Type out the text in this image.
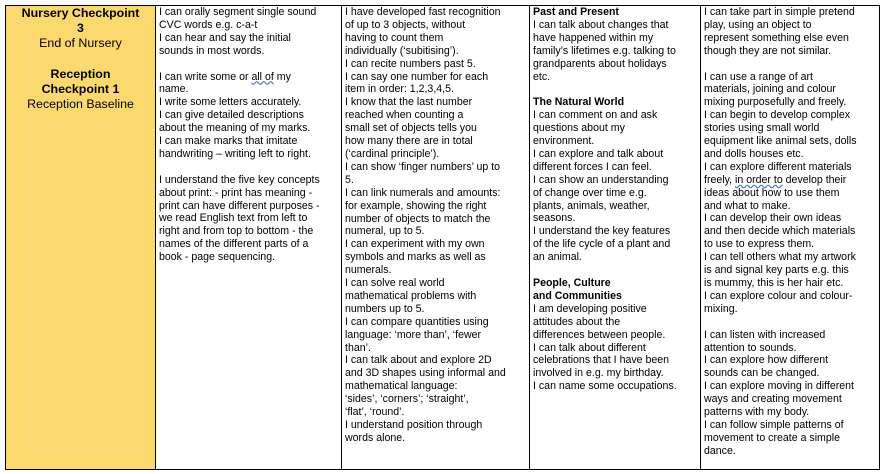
Nursery Checkpoint
3
End of Nursery
Reception
Checkpoint 1
Reception Baseline
I can orally segment single sound
CVC words e.g. c-a-t
I can hear and say the initial
sounds in most words.
I can write some or all of my
name.
I write some letters accurately.
I can give detailed descriptions
about the meaning of my marks.
I can make marks that imitate
handwriting – writing left to right.
I understand the five key concepts
about print: - print has meaning -
print can have different purposes -
we read English text from left to
right and from top to bottom - the
names of the different parts of a
book - page sequencing.
I have developed fast recognition
of up to 3 objects, without
having to count them
individually (‘subitising’).
I can recite numbers past 5.
I can say one number for each
item in order: 1,2,3,4,5.
I know that the last number
reached when counting a
small set of objects tells you
how many there are in total
(‘cardinal principle’).
I can show ‘finger numbers’ up to
5.
I can link numerals and amounts:
for example, showing the right
number of objects to match the
numeral, up to 5.
I can experiment with my own
symbols and marks as well as
numerals.
I can solve real world
mathematical problems with
numbers up to 5.
I can compare quantities using
language: ‘more than’, ‘fewer
than’.
I can talk about and explore 2D
and 3D shapes using informal and
mathematical language:
‘sides’, ‘corners’; ‘straight’,
‘flat’, ‘round’.
I understand position through
words alone.
Past and Present
I can talk about changes that
have happened within my
family’s lifetimes e.g. talking to
grandparents about holidays
etc.
The Natural World
I can comment on and ask
questions about my
environment.
I can explore and talk about
different forces I can feel.
I can show an understanding
of change over time e.g.
plants, animals, weather,
seasons.
I understand the key features
of the life cycle of a plant and
an animal.
People, Culture
and Communities
I am developing positive
attitudes about the
differences between people.
I can talk about different
celebrations that I have been
involved in e.g. my birthday.
I can name some occupations.
I can take part in simple pretend
play, using an object to
represent something else even
though they are not similar.
I can use a range of art
materials, joining and colour
mixing purposefully and freely.
I can begin to develop complex
stories using small world
equipment like animal sets, dolls
and dolls houses etc.
I can explore different materials
freely, in order to develop their
ideas about how to use them
and what to make.
I can develop their own ideas
and then decide which materials
to use to express them.
I can tell others what my artwork
is and signal key parts e.g. this
is mummy, this is her hair etc.
I can explore colour and colour-
mixing.
I can listen with increased
attention to sounds.
I can explore how different
sounds can be changed.
I can explore moving in different
ways and creating movement
patterns with my body.
I can follow simple patterns of
movement to create a simple
dance.
